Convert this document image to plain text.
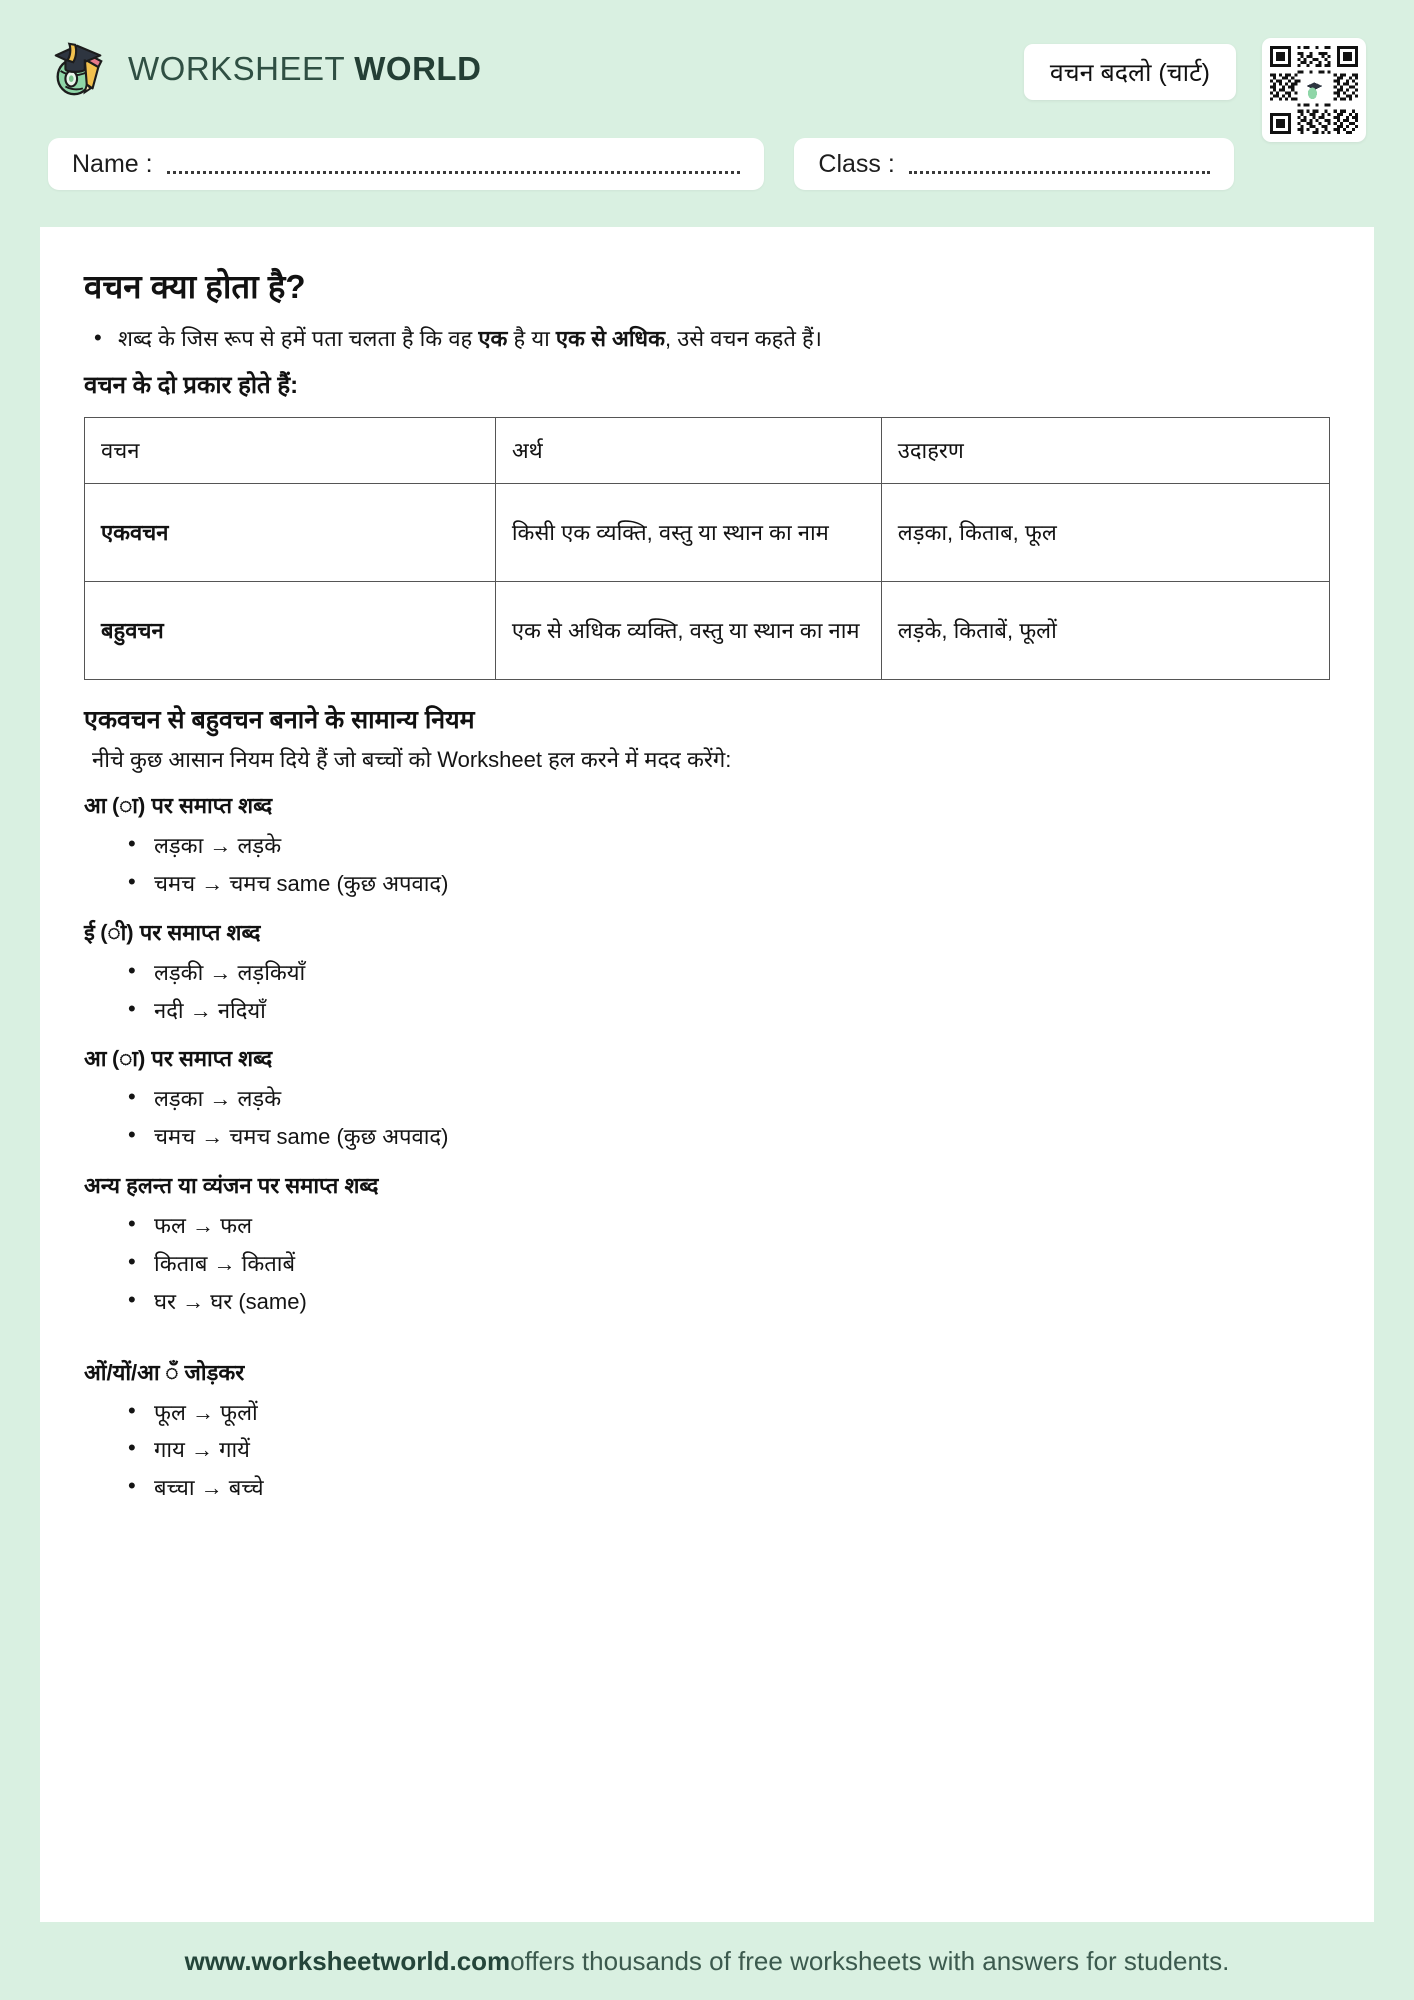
WORKSHEET WORLD	वचन बदलो (चार्ट)
Name :	Class :
वचन क्या होता है?
• शब्द के जिस रूप से हमें पता चलता है कि वह एक है या एक से अधिक, उसे वचन कहते हैं।
वचन के दो प्रकार होते हैं:
वचन	अर्थ	उदाहरण
एकवचन	किसी एक व्यक्ति, वस्तु या स्थान का नाम	लड़का, किताब, फूल
बहुवचन	एक से अधिक व्यक्ति, वस्तु या स्थान का नाम	लड़के, किताबें, फूलों
एकवचन से बहुवचन बनाने के सामान्य नियम

नीचे कुछ आसान नियम दिये हैं जो बच्चों को Worksheet हल करने में मदद करेंगे:

आ (ा) पर समाप्त शब्द
• लड़का → लड़के
• चमच → चमच same (कुछ अपवाद)
ई (ी) पर समाप्त शब्द
• लड़की → लड़कियाँ
• नदी → नदियाँ
आ (ा) पर समाप्त शब्द
• लड़का → लड़के
• चमच → चमच same (कुछ अपवाद)
अन्य हलन्त या व्यंजन पर समाप्त शब्द
• फल → फल
• किताब → किताबें
• घर → घर (same)
ओं/यों/आ ँ जोड़कर
• फूल → फूलों
• गाय → गायें
• बच्चा → बच्चे
www.worksheetworld.com offers thousands of free worksheets with answers for students.
